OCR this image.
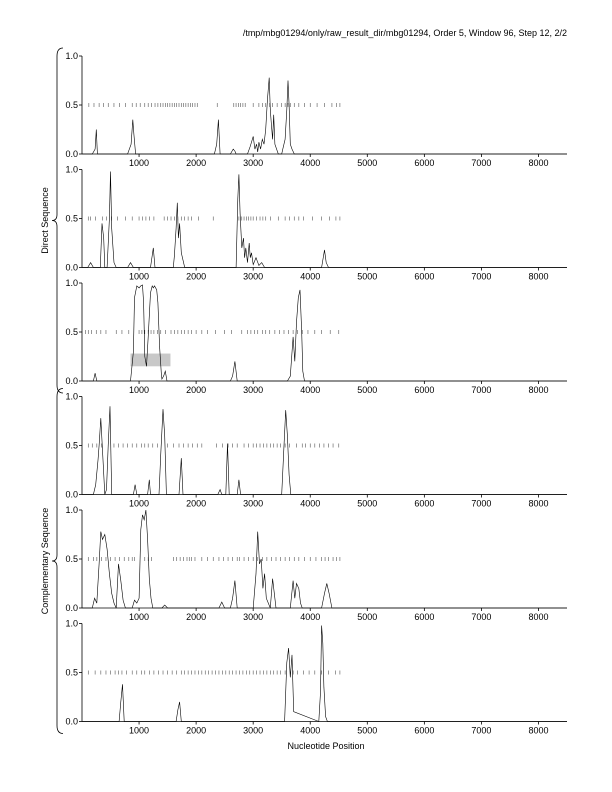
/tmp/mbg01294/only/raw_result_dir/mbg01294, Order 5, Window 96, Step 12, 2/2
Nucleotide Position
Direct Sequence
Complementary Sequence
0.0
0.5
1.0
1000	2000	3000	4000	5000	6000	7000	8000
0.0
0.5
1.0
1000	2000	3000	4000	5000	6000	7000	8000
0.0
0.5
1.0
1000	2000	3000	4000	5000	6000	7000	8000
0.0
0.5
1.0
1000	2000	3000	4000	5000	6000	7000	8000
0.0
0.5
1.0
1000	2000	3000	4000	5000	6000	7000	8000
0.0
0.5
1.0
1000	2000	3000	4000	5000	6000	7000	8000
